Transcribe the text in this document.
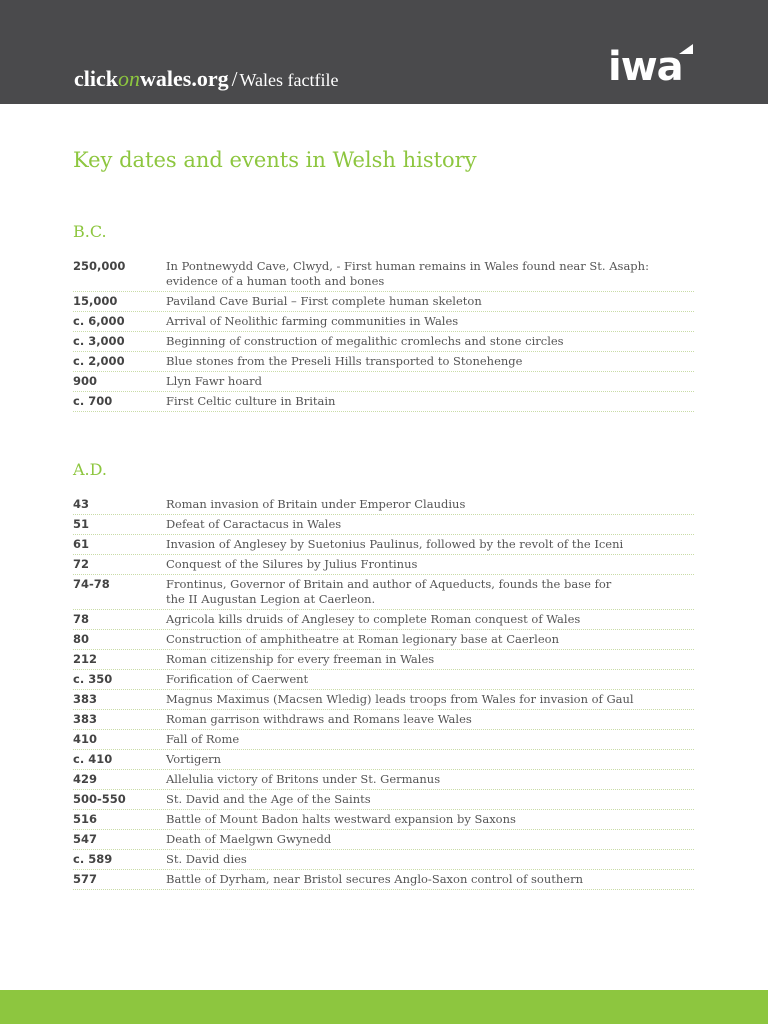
clickonwales.org / Wales factfile	iwa
Key dates and events in Welsh history
B.C.
250,000	In Pontnewydd Cave, Clwyd, - First human remains in Wales found near St. Asaph:
evidence of a human tooth and bones
15,000	Paviland Cave Burial – First complete human skeleton
c. 6,000	Arrival of Neolithic farming communities in Wales
c. 3,000	Beginning of construction of megalithic cromlechs and stone circles
c. 2,000	Blue stones from the Preseli Hills transported to Stonehenge
900	Llyn Fawr hoard
c. 700	First Celtic culture in Britain
A.D.
43	Roman invasion of Britain under Emperor Claudius
51	Defeat of Caractacus in Wales
61	Invasion of Anglesey by Suetonius Paulinus, followed by the revolt of the Iceni
72	Conquest of the Silures by Julius Frontinus
74-78	Frontinus, Governor of Britain and author of Aqueducts, founds the base for
the II Augustan Legion at Caerleon.
78	Agricola kills druids of Anglesey to complete Roman conquest of Wales
80	Construction of amphitheatre at Roman legionary base at Caerleon
212	Roman citizenship for every freeman in Wales
c. 350	Forification of Caerwent
383	Magnus Maximus (Macsen Wledig) leads troops from Wales for invasion of Gaul
383	Roman garrison withdraws and Romans leave Wales
410	Fall of Rome
c. 410	Vortigern
429	Allelulia victory of Britons under St. Germanus
500-550	St. David and the Age of the Saints
516	Battle of Mount Badon halts westward expansion by Saxons
547	Death of Maelgwn Gwynedd
c. 589	St. David dies
577	Battle of Dyrham, near Bristol secures Anglo-Saxon control of southern
